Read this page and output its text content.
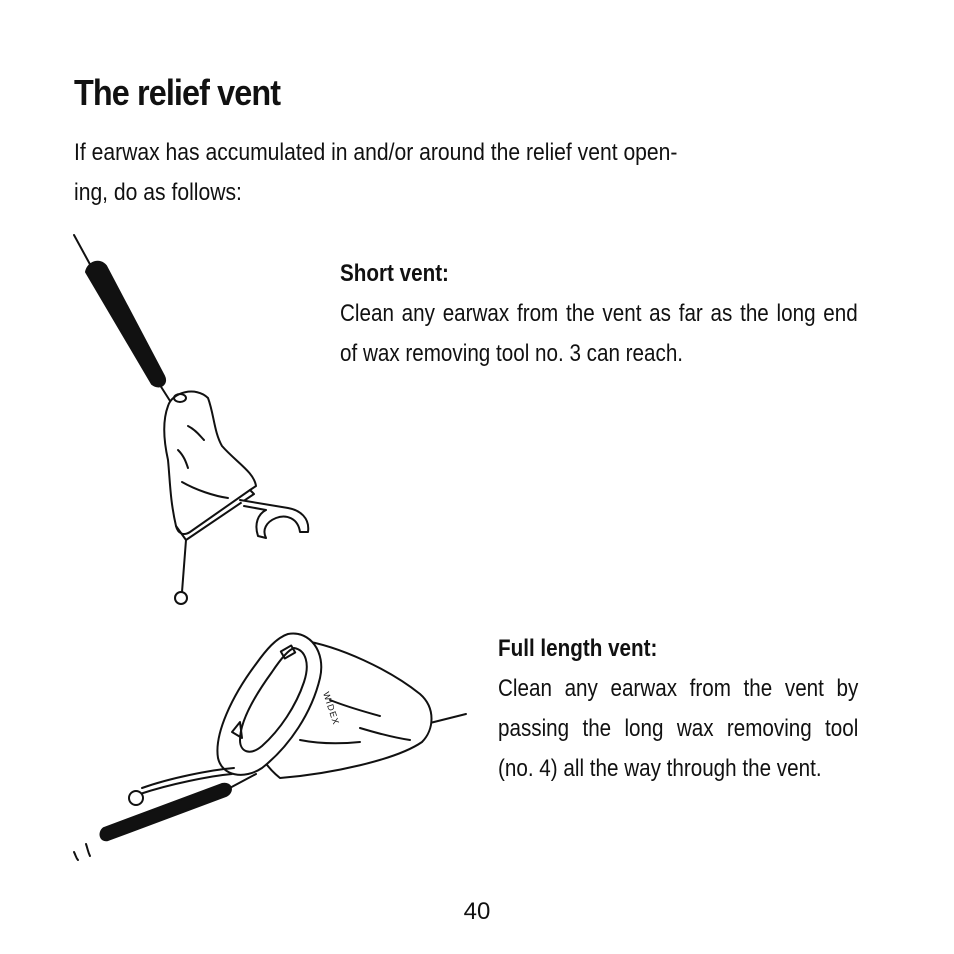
The relief vent

If earwax has accumulated in and/or around the relief vent open-
ing, do as follows:

WIDEX
Short vent:
Clean any earwax from the vent as far as the long end of wax removing tool no. 3 can reach.
Full length vent:
Clean any earwax from the vent by passing the long wax removing tool (no. 4) all the way through the vent.
40
